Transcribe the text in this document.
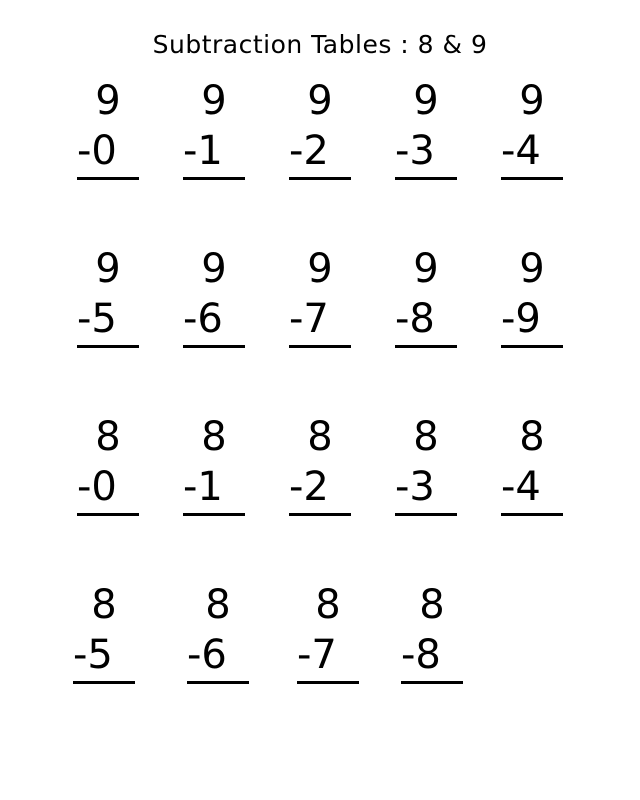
Subtraction Tables : 8 & 9
9
-0
9
-1
9
-2
9
-3
9
-4
9
-5
9
-6
9
-7
9
-8
9
-9
8
-0
8
-1
8
-2
8
-3
8
-4
8
-5
8
-6
8
-7
8
-8
